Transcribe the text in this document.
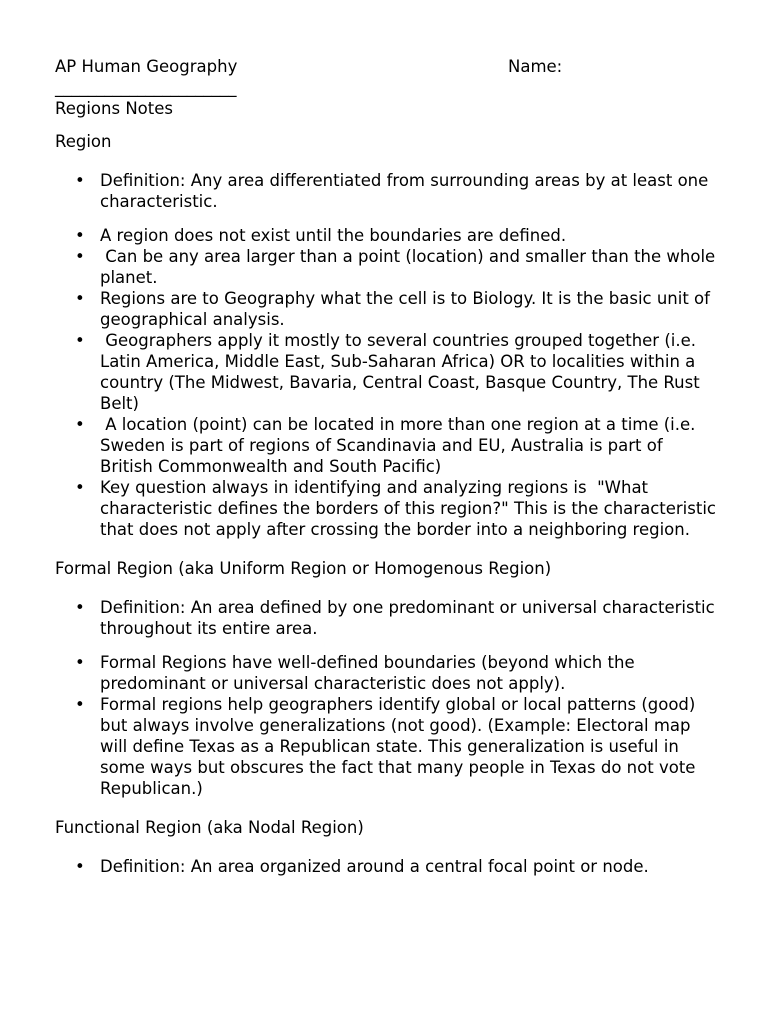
AP Human Geography	Name:
______________________

Regions Notes

Region

• Definition: Any area differentiated from surrounding areas by at least one characteristic.
• A region does not exist until the boundaries are defined.
•  Can be any area larger than a point (location) and smaller than the whole planet.
• Regions are to Geography what the cell is to Biology. It is the basic unit of geographical analysis.
•  Geographers apply it mostly to several countries grouped together (i.e. Latin America, Middle East, Sub-Saharan Africa) OR to localities within a country (The Midwest, Bavaria, Central Coast, Basque Country, The Rust Belt)
•  A location (point) can be located in more than one region at a time (i.e. Sweden is part of regions of Scandinavia and EU, Australia is part of British Commonwealth and South Pacific)
• Key question always in identifying and analyzing regions is  "What characteristic defines the borders of this region?" This is the characteristic that does not apply after crossing the border into a neighboring region.

Formal Region (aka Uniform Region or Homogenous Region)

• Definition: An area defined by one predominant or universal characteristic throughout its entire area.
• Formal Regions have well-defined boundaries (beyond which the predominant or universal characteristic does not apply).
• Formal regions help geographers identify global or local patterns (good) but always involve generalizations (not good). (Example: Electoral map will define Texas as a Republican state. This generalization is useful in some ways but obscures the fact that many people in Texas do not vote Republican.)

Functional Region (aka Nodal Region)

• Definition: An area organized around a central focal point or node.
